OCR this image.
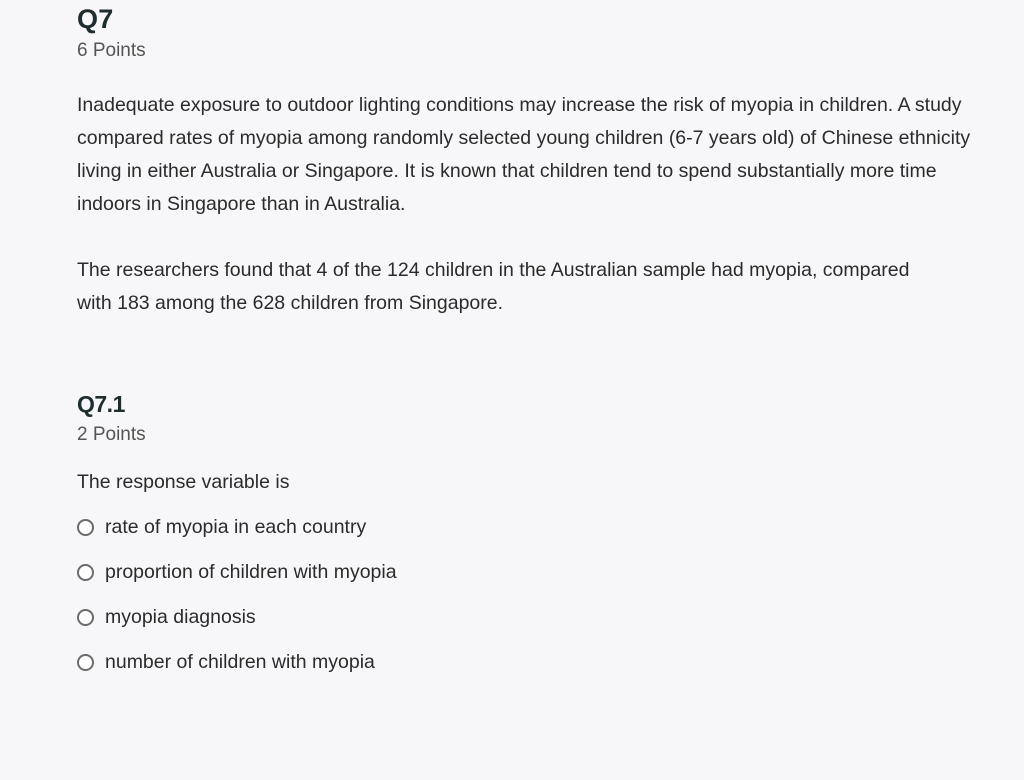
Q7
6 Points

Inadequate exposure to outdoor lighting conditions may increase the risk of myopia in children. A study compared rates of myopia among randomly selected young children (6-7 years old) of Chinese ethnicity living in either Australia or Singapore. It is known that children tend to spend substantially more time indoors in Singapore than in Australia.

The researchers found that 4 of the 124 children in the Australian sample had myopia, compared with 183 among the 628 children from Singapore.

Q7.1
2 Points

The response variable is

rate of myopia in each country
proportion of children with myopia
myopia diagnosis
number of children with myopia
